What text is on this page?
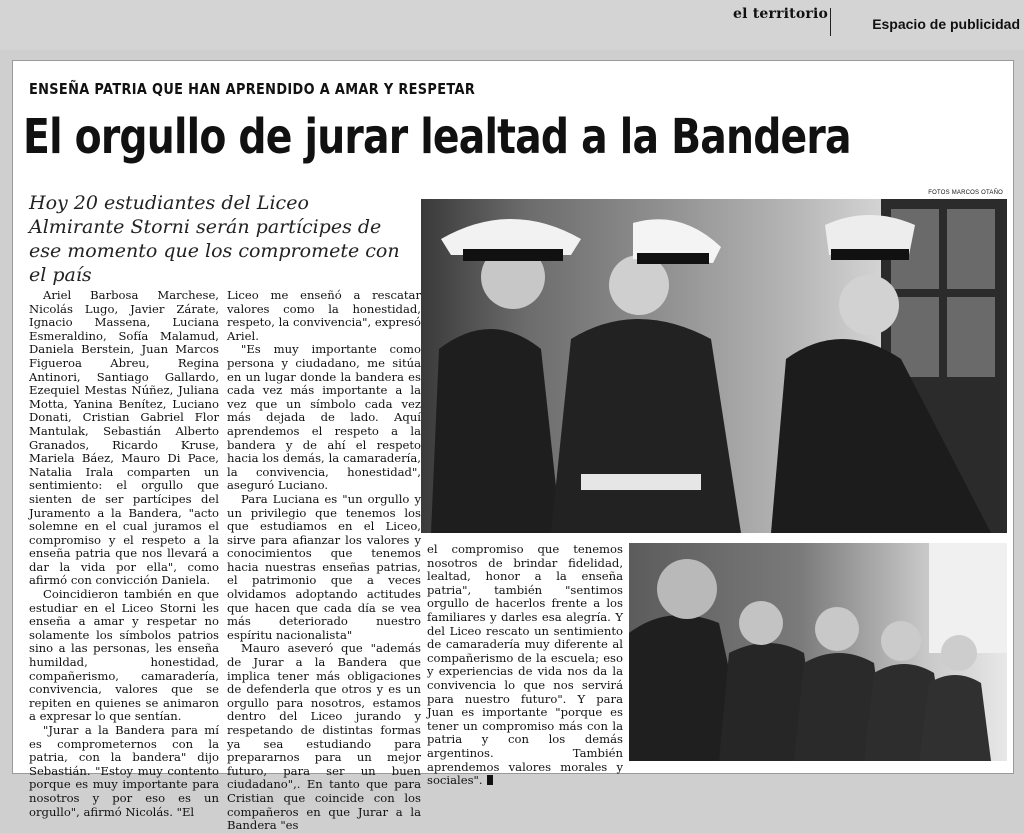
el territorio
Espacio de publicidad
ENSEÑA PATRIA QUE HAN APRENDIDO A AMAR Y RESPETAR
El orgullo de jurar lealtad a la Bandera
FOTOS MARCOS OTAÑO
Hoy 20 estudiantes del Liceo Almirante Storni serán partícipes de ese momento que los compromete con el país

Ariel Barbosa Marchese, Nicolás Lugo, Javier Zárate, Ignacio Massena, Luciana Esmeraldino, Sofía Malamud, Daniela Berstein, Juan Marcos Figueroa Abreu, Regina Antinori, Santiago Gallardo, Ezequiel Mestas Núñez, Juliana Motta, Yanina Benítez, Luciano Donati, Cristian Gabriel Flor Mantulak, Sebastián Alberto Granados, Ricardo Kruse, Mariela Báez, Mauro Di Pace, Natalia Irala comparten un sentimiento: el orgullo que sienten de ser partícipes del Juramento a la Bandera, "acto solemne en el cual juramos el compromiso y el respeto a la enseña patria que nos llevará a dar la vida por ella", como afirmó con convicción Daniela.

Coincidieron también en que estudiar en el Liceo Storni les enseña a amar y respetar no solamente los símbolos patrios sino a las personas, les enseña humildad, honestidad, compañerismo, camaradería, convivencia, valores que se repiten en quienes se animaron a expresar lo que sentían.

"Jurar a la Bandera para mí es comprometernos con la patria, con la bandera" dijo Sebastián. "Estoy muy contento porque es muy importante para nosotros y por eso es un orgullo", afirmó Nicolás. "El

Liceo me enseñó a rescatar valores como la honestidad, respeto, la convivencia", expresó Ariel.

"Es muy importante como persona y ciudadano, me sitúa en un lugar donde la bandera es cada vez más importante a la vez que un símbolo cada vez más dejada de lado. Aquí aprendemos el respeto a la bandera y de ahí el respeto hacia los demás, la camaradería, la convivencia, honestidad", aseguró Luciano.

Para Luciana es "un orgullo y un privilegio que tenemos los que estudiamos en el Liceo, sirve para afianzar los valores y conocimientos que tenemos hacia nuestras enseñas patrias, el patrimonio que a veces olvidamos adoptando actitudes que hacen que cada día se vea más deteriorado nuestro espíritu nacionalista"

Mauro aseveró que "además de Jurar a la Bandera que implica tener más obligaciones de defenderla que otros y es un orgullo para nosotros, estamos dentro del Liceo jurando y respetando de distintas formas ya sea estudiando para prepararnos para un mejor futuro, para ser un buen ciudadano",. En tanto que para Cristian que coincide con los compañeros en que Jurar a la Bandera "es

el compromiso que tenemos nosotros de brindar fidelidad, lealtad, honor a la enseña patria", también "sentimos orgullo de hacerlos frente a los familiares y darles esa alegría. Y del Liceo rescato un sentimiento de camaradería muy diferente al compañerismo de la escuela; eso y experiencias de vida nos da la convivencia lo que nos servirá para nuestro futuro". Y para Juan es importante "porque es tener un compromiso más con la patria y con los demás argentinos. También aprendemos valores morales y sociales".
